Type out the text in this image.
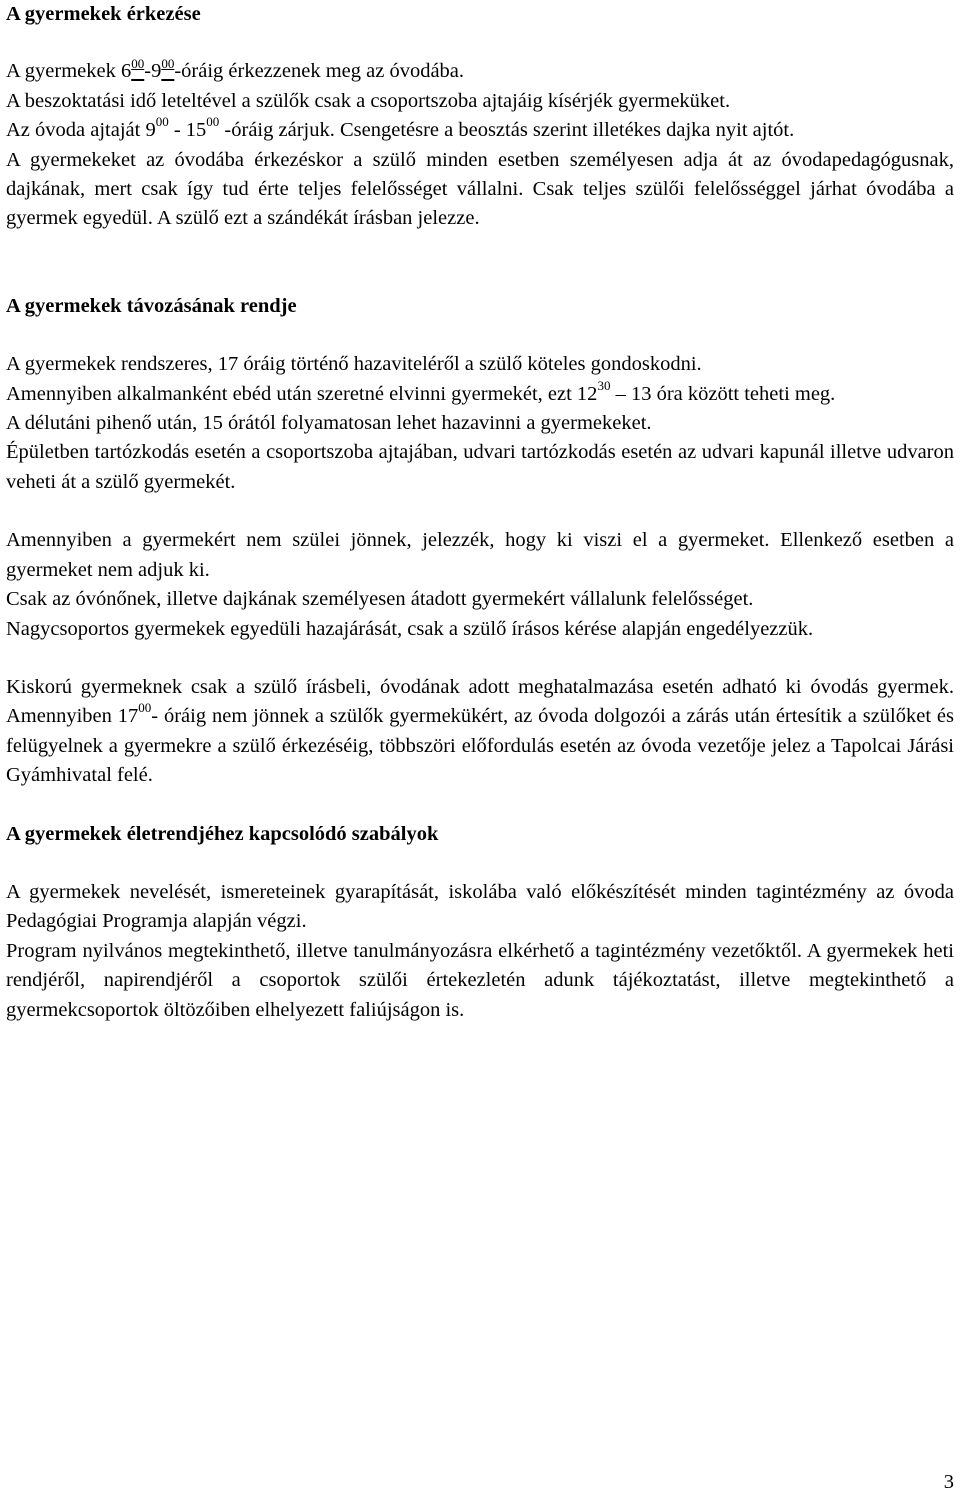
A gyermekek érkezése

A gyermekek $6^{00}-9^{00}$-óráig érkezzenek meg az óvodába.

A beszoktatási idő leteltével a szülők csak a csoportszoba ajtajáig kísérjék gyermeküket.

Az óvoda ajtaját $9^{00} - 15^{00}$ -óráig zárjuk. Csengetésre a beosztás szerint illetékes dajka nyit ajtót.

A gyermekeket az óvodába érkezéskor a szülő minden esetben személyesen adja át az óvodapedagógusnak, dajkának, mert csak így tud érte teljes felelősséget vállalni. Csak teljes szülői felelősséggel járhat óvodába a gyermek egyedül. A szülő ezt a szándékát írásban jelezze.

A gyermekek távozásának rendje

A gyermekek rendszeres, 17 óráig történő hazaviteléről a szülő köteles gondoskodni.

Amennyiben alkalmanként ebéd után szeretné elvinni gyermekét, ezt $12^{30} - 13$ óra között teheti meg.

A délutáni pihenő után, 15 órától folyamatosan lehet hazavinni a gyermekeket.

Épületben tartózkodás esetén a csoportszoba ajtajában, udvari tartózkodás esetén az udvari kapunál illetve udvaron veheti át a szülő gyermekét.

Amennyiben a gyermekért nem szülei jönnek, jelezzék, hogy ki viszi el a gyermeket. Ellenkező esetben a gyermeket nem adjuk ki.

Csak az óvónőnek, illetve dajkának személyesen átadott gyermekért vállalunk felelősséget.

Nagycsoportos gyermekek egyedüli hazajárását, csak a szülő írásos kérése alapján engedélyezzük.

Kiskorú gyermeknek csak a szülő írásbeli, óvodának adott meghatalmazása esetén adható ki óvodás gyermek. Amennyiben $17^{00}-$ óráig nem jönnek a szülők gyermekükért, az óvoda dolgozói a zárás után értesítik a szülőket és felügyelnek a gyermekre a szülő érkezéséig, többszöri előfordulás esetén az óvoda vezetője jelez a Tapolcai Járási Gyámhivatal felé.

A gyermekek életrendjéhez kapcsolódó szabályok

A gyermekek nevelését, ismereteinek gyarapítását, iskolába való előkészítését minden tagintézmény az óvoda Pedagógiai Programja alapján végzi.

Program nyilvános megtekinthető, illetve tanulmányozásra elkérhető a tagintézmény vezetőktől. A gyermekek heti rendjéről, napirendjéről a csoportok szülői értekezletén adunk tájékoztatást, illetve megtekinthető a gyermekcsoportok öltözőiben elhelyezett faliújságon is.

3
